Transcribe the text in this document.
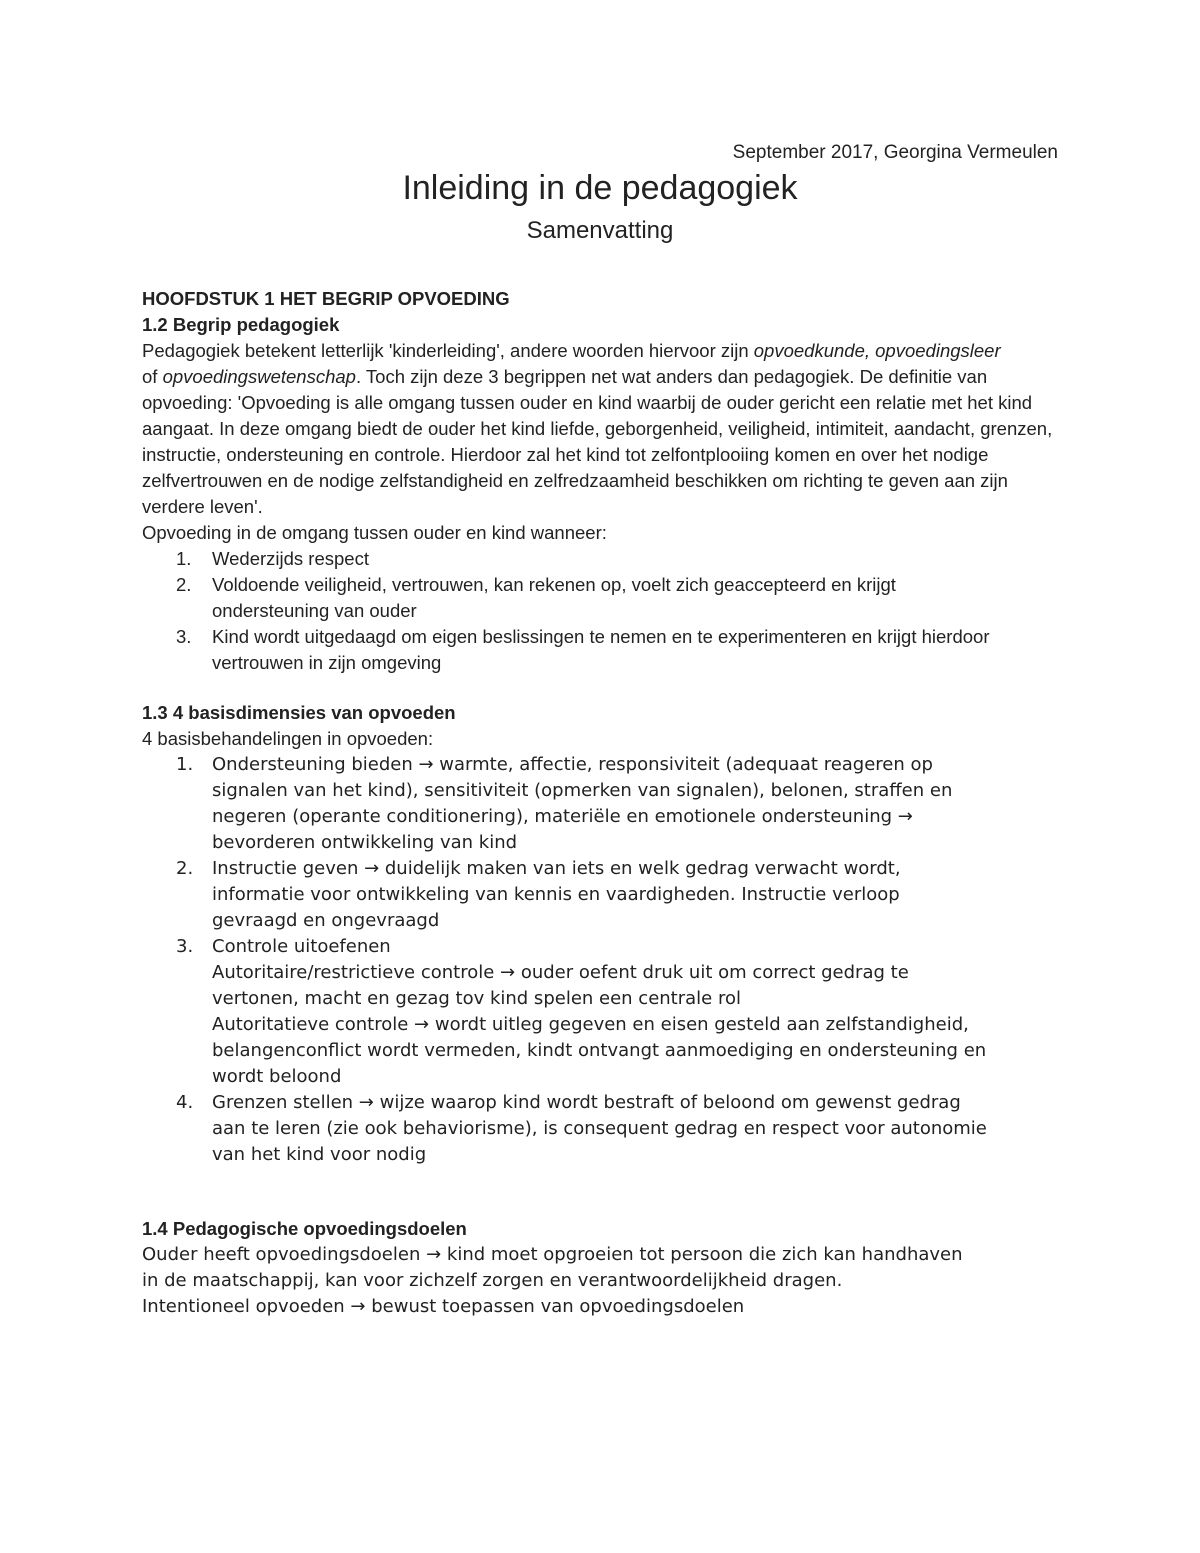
September 2017, Georgina Vermeulen
Inleiding in de pedagogiek
Samenvatting

HOOFDSTUK 1 HET BEGRIP OPVOEDING

1.2 Begrip pedagogiek

Pedagogiek betekent letterlijk 'kinderleiding', andere woorden hiervoor zijn opvoedkunde, opvoedingsleer
of opvoedingswetenschap. Toch zijn deze 3 begrippen net wat anders dan pedagogiek. De definitie van opvoeding: 'Opvoeding is alle omgang tussen ouder en kind waarbij de ouder gericht een relatie met het kind aangaat. In deze omgang biedt de ouder het kind liefde, geborgenheid, veiligheid, intimiteit, aandacht, grenzen, instructie, ondersteuning en controle. Hierdoor zal het kind tot zelfontplooiing komen en over het nodige zelfvertrouwen en de nodige zelfstandigheid en zelfredzaamheid beschikken om richting te geven aan zijn verdere leven'.

Opvoeding in de omgang tussen ouder en kind wanneer:

1. Wederzijds respect
2. Voldoende veiligheid, vertrouwen, kan rekenen op, voelt zich geaccepteerd en krijgt
ondersteuning van ouder
3. Kind wordt uitgedaagd om eigen beslissingen te nemen en te experimenteren en krijgt hierdoor
vertrouwen in zijn omgeving

1.3 4 basisdimensies van opvoeden

4 basisbehandelingen in opvoeden:

1. Ondersteuning bieden → warmte, affectie, responsiviteit (adequaat reageren op
signalen van het kind), sensitiviteit (opmerken van signalen), belonen, straffen en
negeren (operante conditionering), materiële en emotionele ondersteuning →
bevorderen ontwikkeling van kind
2. Instructie geven → duidelijk maken van iets en welk gedrag verwacht wordt,
informatie voor ontwikkeling van kennis en vaardigheden. Instructie verloop
gevraagd en ongevraagd
3. Controle uitoefenen
Autoritaire/restrictieve controle → ouder oefent druk uit om correct gedrag te
vertonen, macht en gezag tov kind spelen een centrale rol
Autoritatieve controle → wordt uitleg gegeven en eisen gesteld aan zelfstandigheid,
belangenconflict wordt vermeden, kindt ontvangt aanmoediging en ondersteuning en
wordt beloond
4. Grenzen stellen → wijze waarop kind wordt bestraft of beloond om gewenst gedrag
aan te leren (zie ook behaviorisme), is consequent gedrag en respect voor autonomie
van het kind voor nodig

1.4 Pedagogische opvoedingsdoelen

Ouder heeft opvoedingsdoelen → kind moet opgroeien tot persoon die zich kan handhaven
in de maatschappij, kan voor zichzelf zorgen en verantwoordelijkheid dragen.
Intentioneel opvoeden → bewust toepassen van opvoedingsdoelen
